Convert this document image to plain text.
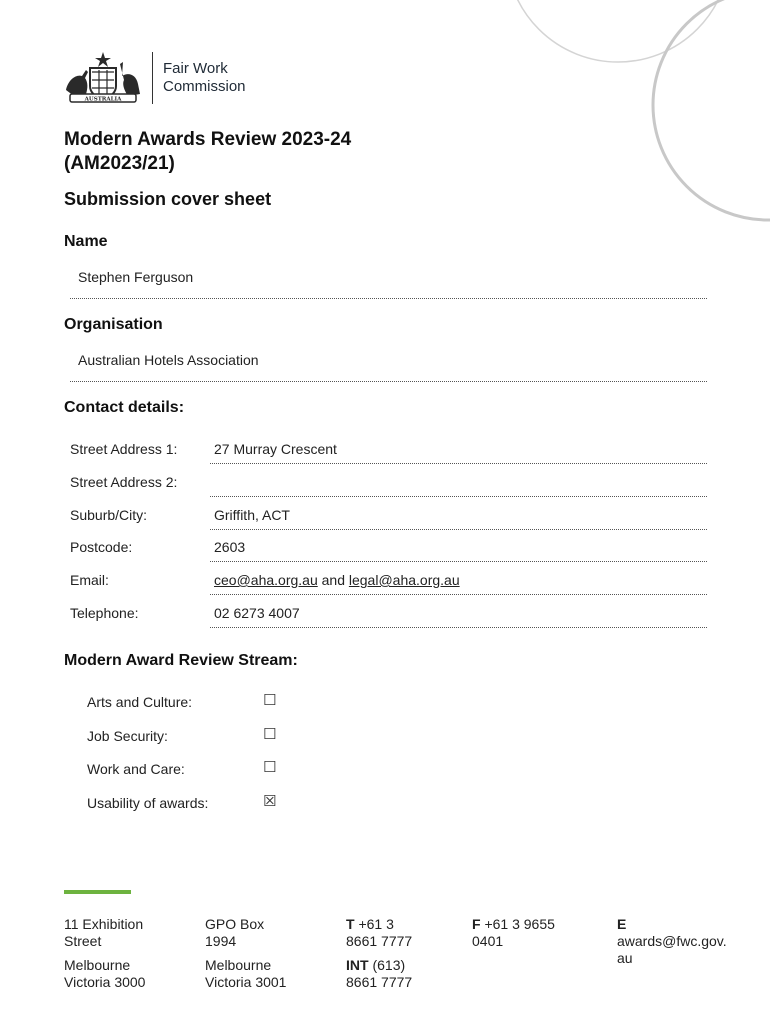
AUSTRALIA
Fair Work
Commission
Modern Awards Review 2023-24
(AM2023/21)
Submission cover sheet
Name
Stephen Ferguson
Organisation
Australian Hotels Association
Contact details:
Street Address 1:	27 Murray Crescent
Street Address 2:
Suburb/City:	Griffith, ACT
Postcode:	2603
Email:	ceo@aha.org.au and legal@aha.org.au
Telephone:	02 6273 4007
Modern Award Review Stream:
Arts and Culture:	☐
Job Security:	☐
Work and Care:	☐
Usability of awards:	☒
11 Exhibition
Street
Melbourne
Victoria 3000
GPO Box
1994
Melbourne
Victoria 3001
T +61 3
8661 7777
INT (613)
8661 7777
F +61 3 9655
0401
E
awards@fwc.gov.
au
